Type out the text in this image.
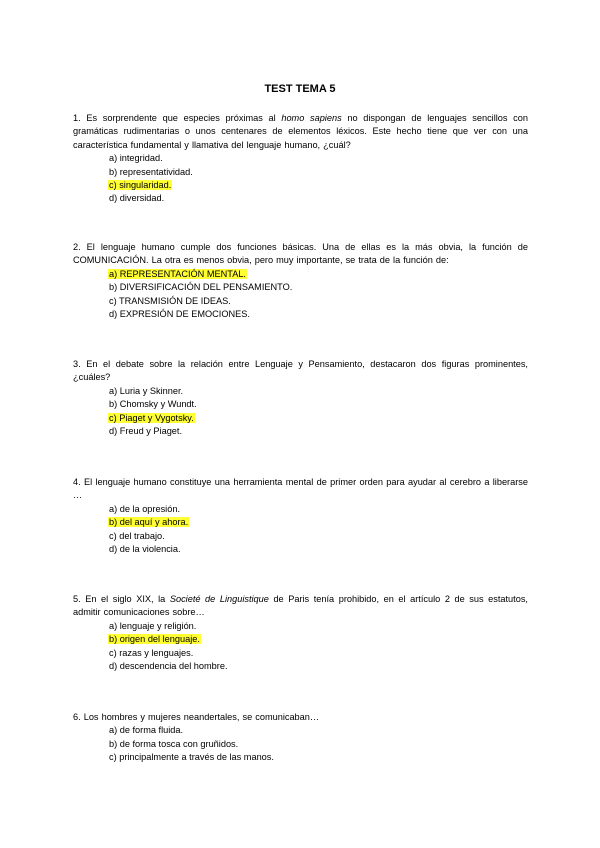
TEST TEMA 5

1. Es sorprendente que especies próximas al homo sapiens no dispongan de lenguajes sencillos con gramáticas rudimentarias o unos centenares de elementos léxicos. Este hecho tiene que ver con una característica fundamental y llamativa del lenguaje humano, ¿cuál?

a) integridad.
b) representatividad.
c) singularidad.
d) diversidad.

2. El lenguaje humano cumple dos funciones básicas. Una de ellas es la más obvia, la función de COMUNICACIÓN. La otra es menos obvia, pero muy importante, se trata de la función de:

a) REPRESENTACIÓN MENTAL.
b) DIVERSIFICACIÓN DEL PENSAMIENTO.
c) TRANSMISIÓN DE IDEAS.
d) EXPRESIÓN DE EMOCIONES.

3. En el debate sobre la relación entre Lenguaje y Pensamiento, destacaron dos figuras prominentes, ¿cuáles?

a) Luria y Skinner.
b) Chomsky y Wundt.
c) Piaget y Vygotsky.
d) Freud y Piaget.

4. El lenguaje humano constituye una herramienta mental de primer orden para ayudar al cerebro a liberarse …

a) de la opresión.
b) del aquí y ahora.
c) del trabajo.
d) de la violencia.

5. En el siglo XIX, la Societé de Linguistique de Paris tenía prohibido, en el artículo 2 de sus estatutos, admitir comunicaciones sobre…

a) lenguaje y religión.
b) origen del lenguaje.
c) razas y lenguajes.
d) descendencia del hombre.

6. Los hombres y mujeres neandertales, se comunicaban…

a) de forma fluida.
b) de forma tosca con gruñidos.
c) principalmente a través de las manos.
